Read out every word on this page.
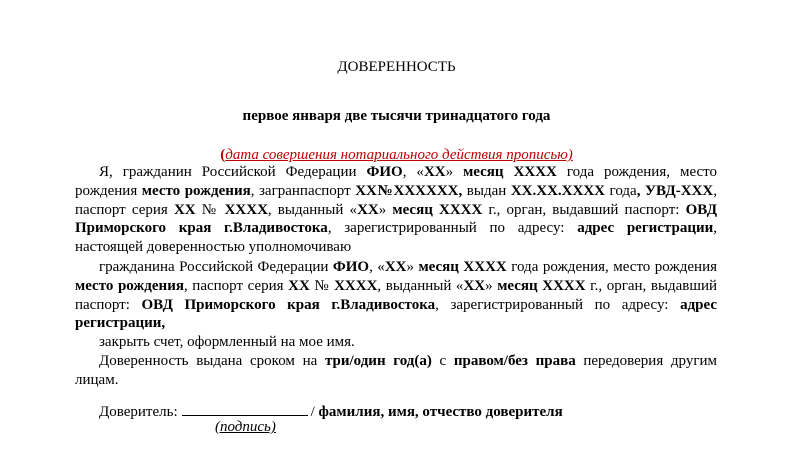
ДОВЕРЕННОСТЬ
первое января две тысячи тринадцатого года
(дата совершения нотариального действия прописью)
Я, гражданин Российской Федерации ФИО, «ХХ» месяц ХХХХ года рождения, место рождения место рождения, загранпаспорт ХХ№ХХХХХХ, выдан ХХ.ХХ.ХХХХ года, УВД-ХХХ, паспорт серия ХХ № ХХХХ, выданный «ХХ» месяц ХХХХ г., орган, выдавший паспорт: ОВД Приморского края г.Владивостока, зарегистрированный по адресу: адрес регистрации, настоящей доверенностью уполномочиваю
гражданина Российской Федерации ФИО, «ХХ» месяц ХХХХ года рождения, место рождения место рождения, паспорт серия ХХ № ХХХХ, выданный «ХХ» месяц ХХХХ г., орган, выдавший паспорт: ОВД Приморского края г.Владивостока, зарегистрированный по адресу: адрес регистрации,
закрыть счет, оформленный на мое имя.
Доверенность выдана сроком на три/один год(а) с правом/без права передоверия другим лицам.
Доверитель:	/ фамилия, имя, отчество доверителя
(подпись)
